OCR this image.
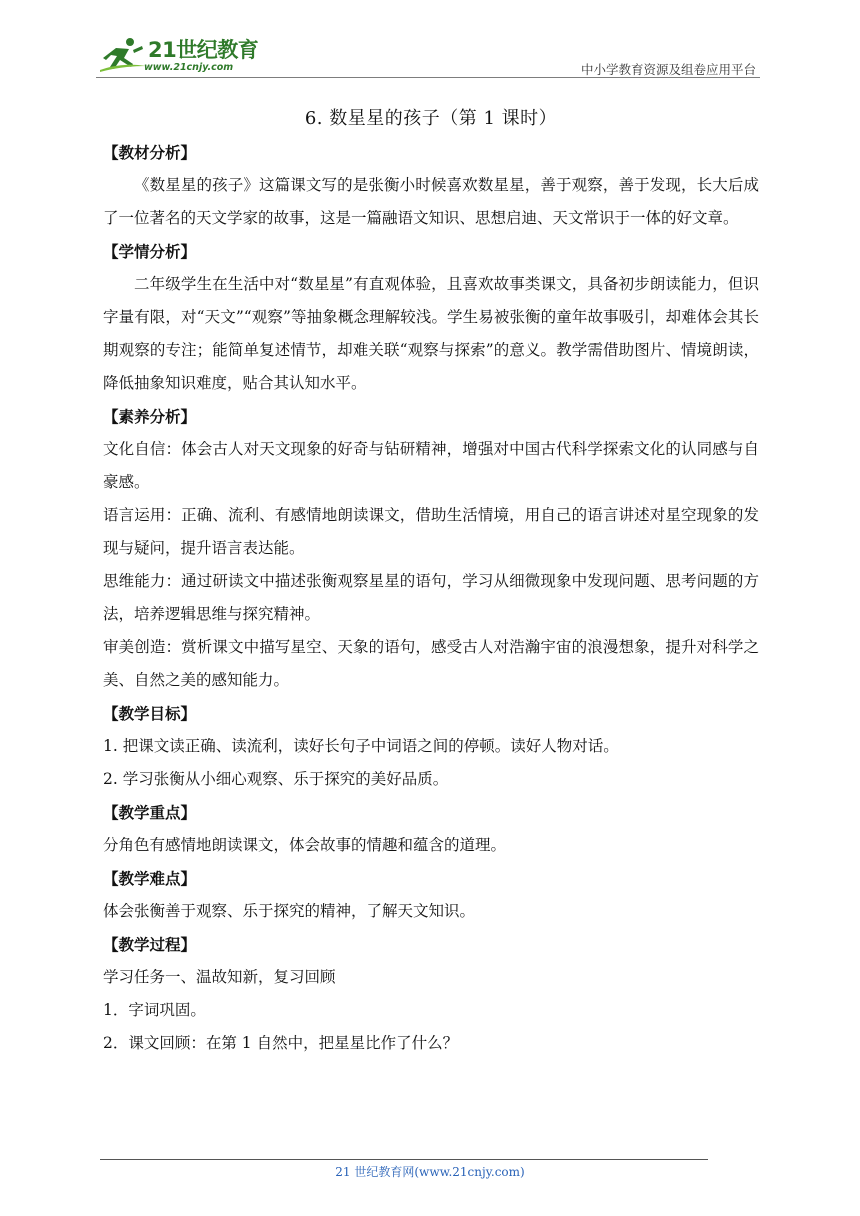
21世纪教育
www.21cnjy.com	中小学教育资源及组卷应用平台

6. 数星星的孩子（第 1 课时）

【教材分析】

《数星星的孩子》这篇课文写的是张衡小时候喜欢数星星，善于观察，善于发现，长大后成了一位著名的天文学家的故事，这是一篇融语文知识、思想启迪、天文常识于一体的好文章。

【学情分析】

二年级学生在生活中对“数星星”有直观体验，且喜欢故事类课文，具备初步朗读能力，但识字量有限，对“天文”“观察”等抽象概念理解较浅。学生易被张衡的童年故事吸引，却难体会其长期观察的专注；能简单复述情节，却难关联“观察与探索”的意义。教学需借助图片、情境朗读，降低抽象知识难度，贴合其认知水平。

【素养分析】

文化自信：体会古人对天文现象的好奇与钻研精神，增强对中国古代科学探索文化的认同感与自豪感。

语言运用：正确、流利、有感情地朗读课文，借助生活情境，用自己的语言讲述对星空现象的发现与疑问，提升语言表达能。

思维能力：通过研读文中描述张衡观察星星的语句，学习从细微现象中发现问题、思考问题的方法，培养逻辑思维与探究精神。

审美创造：赏析课文中描写星空、天象的语句，感受古人对浩瀚宇宙的浪漫想象，提升对科学之美、自然之美的感知能力。

【教学目标】

1. 把课文读正确、读流利，读好长句子中词语之间的停顿。读好人物对话。

2. 学习张衡从小细心观察、乐于探究的美好品质。

【教学重点】

分角色有感情地朗读课文，体会故事的情趣和蕴含的道理。

【教学难点】

体会张衡善于观察、乐于探究的精神，了解天文知识。

【教学过程】

学习任务一、温故知新，复习回顾

1．字词巩固。

2．课文回顾：在第 1 自然中，把星星比作了什么？

21 世纪教育网(www.21cnjy.com)
